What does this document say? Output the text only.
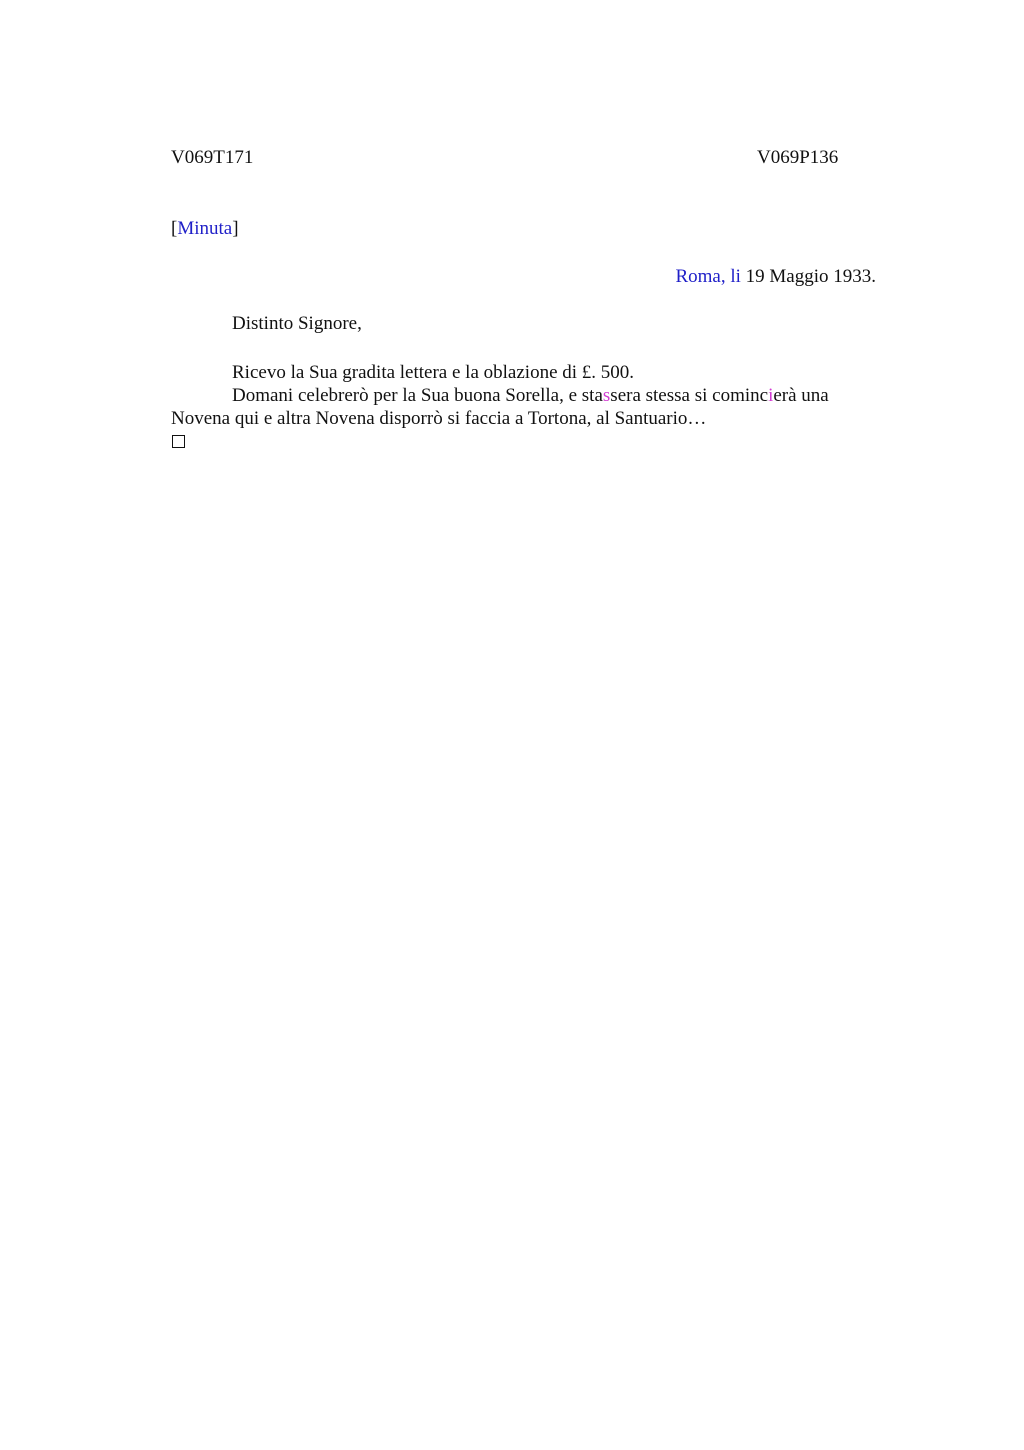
V069T171	V069P136
[Minuta]
Roma, li 19 Maggio 1933.
Distinto Signore,
Ricevo la Sua gradita lettera e la oblazione di £. 500.
Domani celebrerò per la Sua buona Sorella, e stassera stessa si comincierà una
Novena qui e altra Novena disporrò si faccia a Tortona, al Santuario…
